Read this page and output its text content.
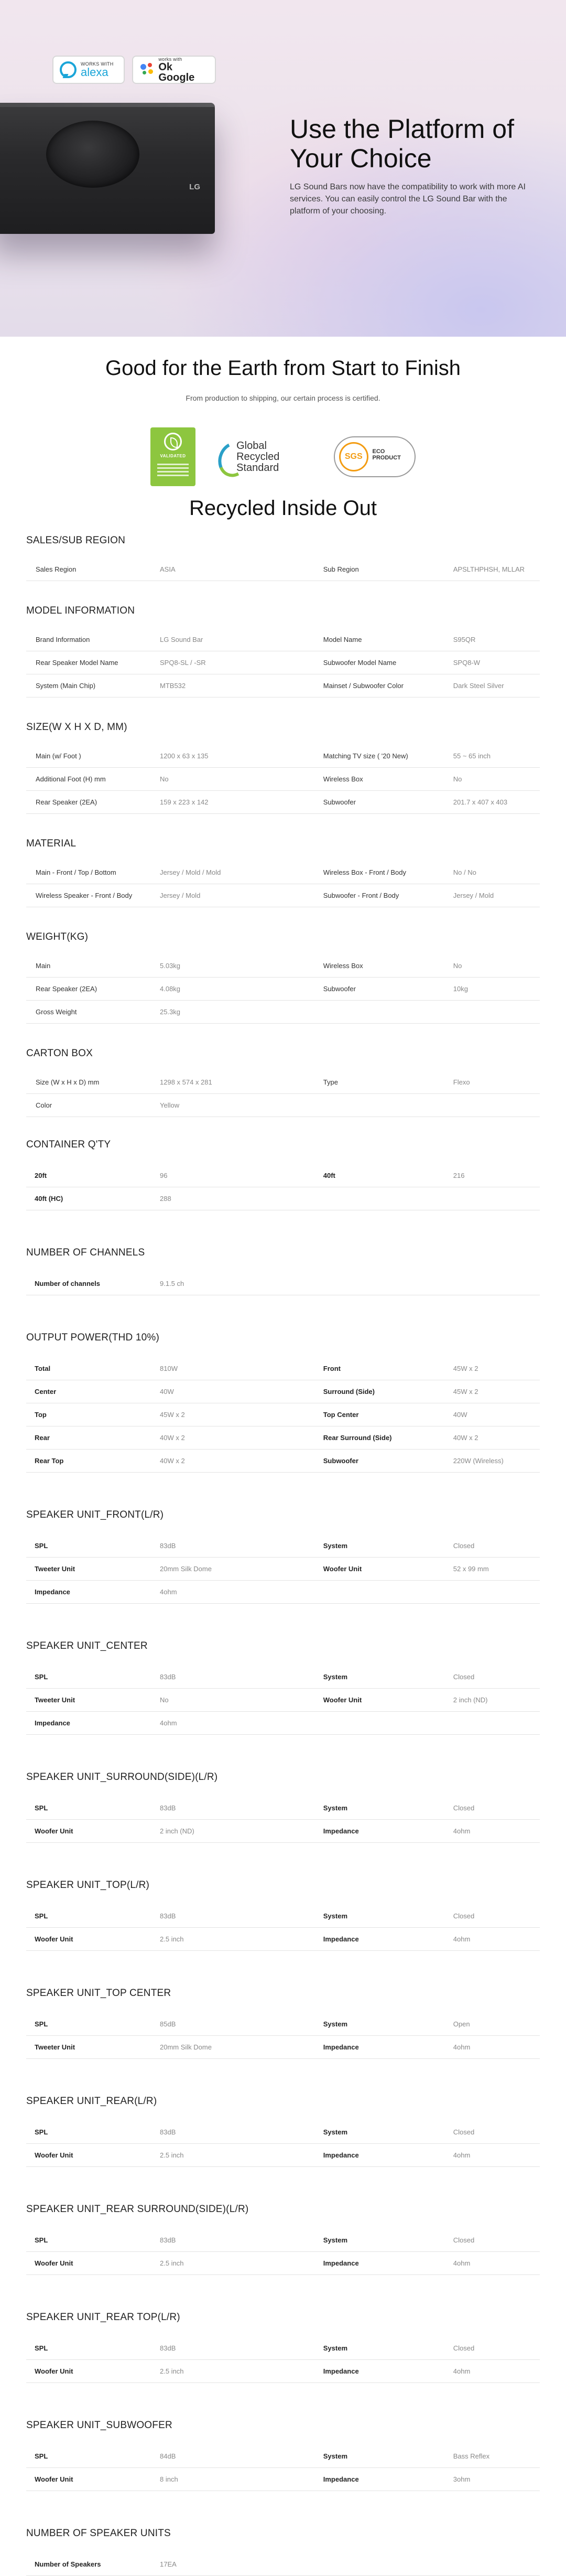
WORKS WITH
alexa
works with
Ok Google
LG
Use the Platform of Your Choice

LG Sound Bars now have the compatibility to work with more AI services. You can easily control the LG Sound Bar with the platform of your choosing.

Good for the Earth from Start to Finish

From production to shipping, our certain process is certified.

VALIDATED
Global Recycled Standard
SGS
ECO PRODUCT

Recycled Inside Out
SALES/SUB REGION
Sales Region	ASIA	Sub Region	APSLTHPHSH, MLLAR
MODEL INFORMATION
Brand Information	LG Sound Bar	Model Name	S95QR
Rear Speaker Model Name	SPQ8-SL / -SR	Subwoofer Model Name	SPQ8-W
System (Main Chip)	MTB532	Mainset / Subwoofer Color	Dark Steel Silver
SIZE(W X H X D, MM)
Main (w/ Foot )	1200 x 63 x 135	Matching TV size ( '20 New)	55 ~ 65 inch
Additional Foot (H) mm	No	Wireless Box	No
Rear Speaker (2EA)	159 x 223 x 142	Subwoofer	201.7 x 407 x 403
MATERIAL
Main - Front / Top / Bottom	Jersey / Mold / Mold	Wireless Box - Front / Body	No / No
Wireless Speaker - Front / Body	Jersey / Mold	Subwoofer - Front / Body	Jersey / Mold
WEIGHT(KG)
Main	5.03kg	Wireless Box	No
Rear Speaker (2EA)	4.08kg	Subwoofer	10kg
Gross Weight	25.3kg
CARTON BOX
Size (W x H x D) mm	1298 x 574 x 281	Type	Flexo
Color	Yellow
CONTAINER Q'TY
20ft	96	40ft	216
40ft (HC)	288
NUMBER OF CHANNELS
Number of channels	9.1.5 ch
OUTPUT POWER(THD 10%)
Total	810W	Front	45W x 2
Center	40W	Surround (Side)	45W x 2
Top	45W x 2	Top Center	40W
Rear	40W x 2	Rear Surround (Side)	40W x 2
Rear Top	40W x 2	Subwoofer	220W (Wireless)
SPEAKER UNIT_FRONT(L/R)
SPL	83dB	System	Closed
Tweeter Unit	20mm Silk Dome	Woofer Unit	52 x 99 mm
Impedance	4ohm
SPEAKER UNIT_CENTER
SPL	83dB	System	Closed
Tweeter Unit	No	Woofer Unit	2 inch (ND)
Impedance	4ohm
SPEAKER UNIT_SURROUND(SIDE)(L/R)
SPL	83dB	System	Closed
Woofer Unit	2 inch (ND)	Impedance	4ohm
SPEAKER UNIT_TOP(L/R)
SPL	83dB	System	Closed
Woofer Unit	2.5 inch	Impedance	4ohm
SPEAKER UNIT_TOP CENTER
SPL	85dB	System	Open
Tweeter Unit	20mm Silk Dome	Impedance	4ohm
SPEAKER UNIT_REAR(L/R)
SPL	83dB	System	Closed
Woofer Unit	2.5 inch	Impedance	4ohm
SPEAKER UNIT_REAR SURROUND(SIDE)(L/R)
SPL	83dB	System	Closed
Woofer Unit	2.5 inch	Impedance	4ohm
SPEAKER UNIT_REAR TOP(L/R)
SPL	83dB	System	Closed
Woofer Unit	2.5 inch	Impedance	4ohm
SPEAKER UNIT_SUBWOOFER
SPL	84dB	System	Bass Reflex
Woofer Unit	8 inch	Impedance	3ohm
NUMBER OF SPEAKER UNITS
Number of Speakers	17EA
